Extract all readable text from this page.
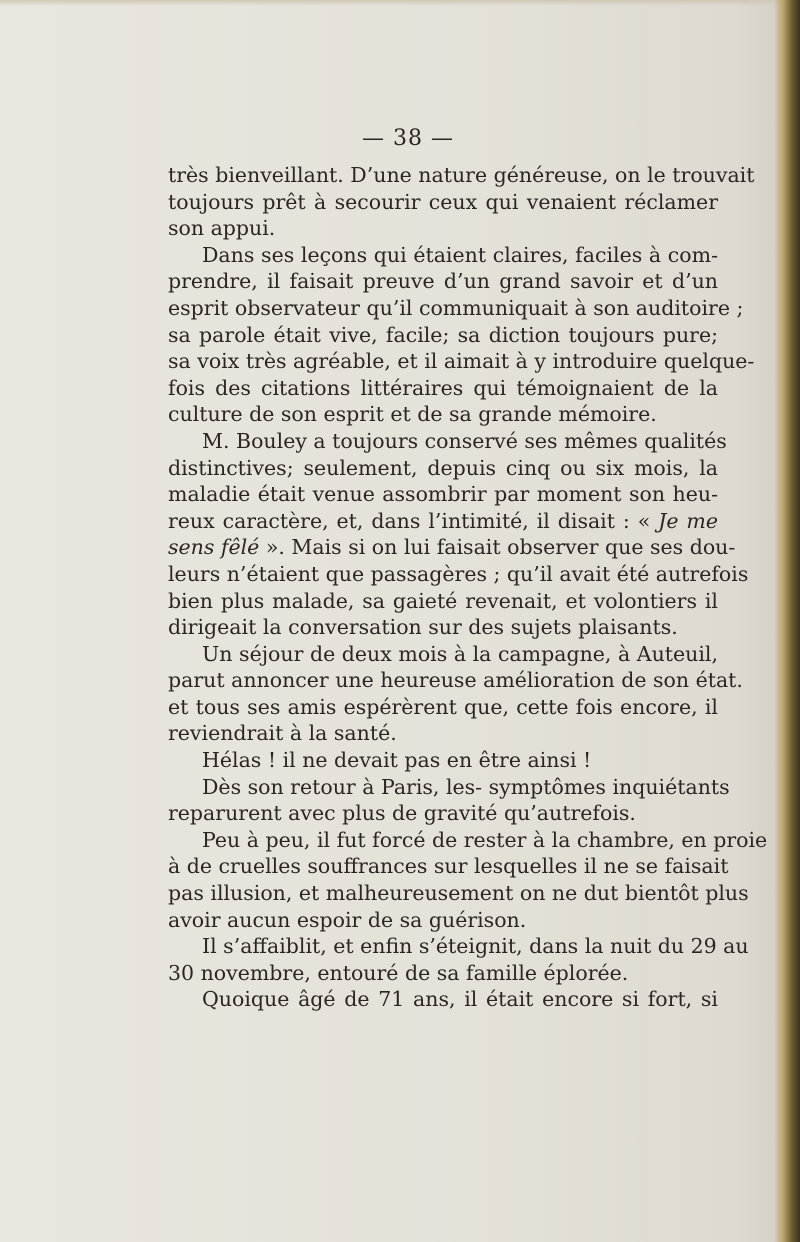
— 38 —
très bienveillant. D’une nature généreuse, on le trouvait
toujours prêt à secourir ceux qui venaient réclamer
son appui.
Dans ses leçons qui étaient claires, faciles à com-
prendre, il faisait preuve d’un grand savoir et d’un
esprit observateur qu’il communiquait à son auditoire ;
sa parole était vive, facile; sa diction toujours pure;
sa voix très agréable, et il aimait à y introduire quelque-
fois des citations littéraires qui témoignaient de la
culture de son esprit et de sa grande mémoire.
M. Bouley a toujours conservé ses mêmes qualités
distinctives; seulement, depuis cinq ou six mois, la
maladie était venue assombrir par moment son heu-
reux caractère, et, dans l’intimité, il disait : « Je me
sens fêlé ». Mais si on lui faisait observer que ses dou-
leurs n’étaient que passagères ; qu’il avait été autrefois
bien plus malade, sa gaieté revenait, et volontiers il
dirigeait la conversation sur des sujets plaisants.
Un séjour de deux mois à la campagne, à Auteuil,
parut annoncer une heureuse amélioration de son état.
et tous ses amis espérèrent que, cette fois encore, il
reviendrait à la santé.
Hélas ! il ne devait pas en être ainsi !
Dès son retour à Paris, les- symptômes inquiétants
reparurent avec plus de gravité qu’autrefois.
Peu à peu, il fut forcé de rester à la chambre, en proie
à de cruelles souffrances sur lesquelles il ne se faisait
pas illusion, et malheureusement on ne dut bientôt plus
avoir aucun espoir de sa guérison.
Il s’affaiblit, et enfin s’éteignit, dans la nuit du 29 au
30 novembre, entouré de sa famille éplorée.
Quoique âgé de 71 ans, il était encore si fort, si
